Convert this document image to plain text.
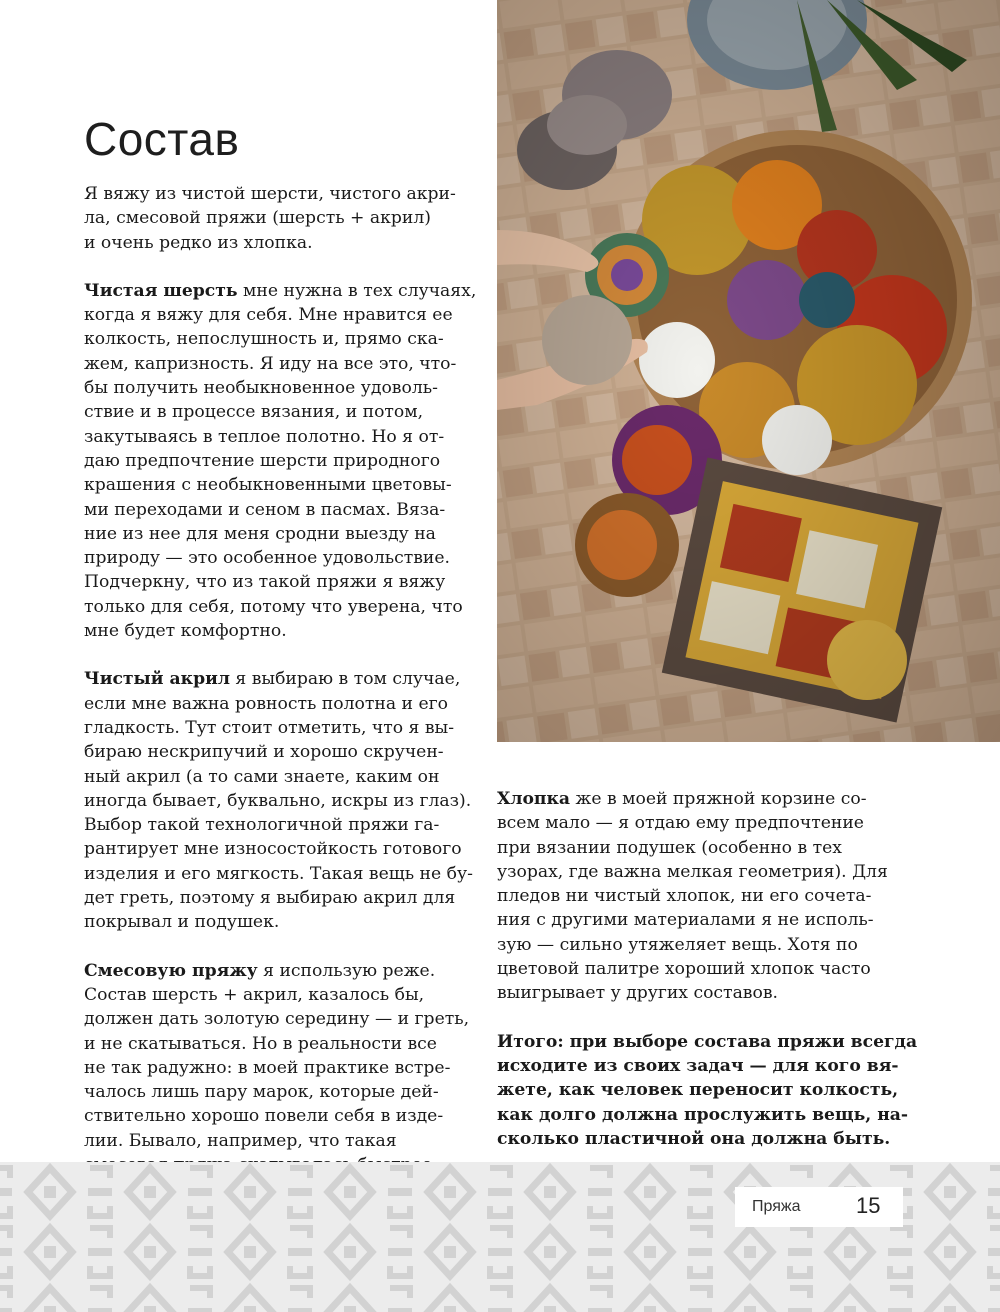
Состав

Я вяжу из чистой шерсти, чистого акри-
ла, смесовой пряжи (шерсть + акрил)
и очень редко из хлопка.

Чистая шерсть мне нужна в тех случаях,
когда я вяжу для себя. Мне нравится ее
колкость, непослушность и, прямо ска-
жем, капризность. Я иду на все это, что-
бы получить необыкновенное удоволь-
ствие и в процессе вязания, и потом,
закутываясь в теплое полотно. Но я от-
даю предпочтение шерсти природного
крашения с необыкновенными цветовы-
ми переходами и сеном в пасмах. Вяза-
ние из нее для меня сродни выезду на
природу — это особенное удовольствие.
Подчеркну, что из такой пряжи я вяжу
только для себя, потому что уверена, что
мне будет комфортно.

Чистый акрил я выбираю в том случае,
если мне важна ровность полотна и его
гладкость. Тут стоит отметить, что я вы-
бираю нескрипучий и хорошо скручен-
ный акрил (а то сами знаете, каким он
иногда бывает, буквально, искры из глаз).
Выбор такой технологичной пряжи га-
рантирует мне износостойкость готового
изделия и его мягкость. Такая вещь не бу-
дет греть, поэтому я выбираю акрил для
покрывал и подушек.

Смесовую пряжу я использую реже.
Состав шерсть + акрил, казалось бы,
должен дать золотую середину — и греть,
и не скатываться. Но в реальности все
не так радужно: в моей практике встре-
чалось лишь пару марок, которые дей-
ствительно хорошо повели себя в изде-
лии. Бывало, например, что такая

Хлопка же в моей пряжной корзине со-
всем мало — я отдаю ему предпочтение
при вязании подушек (особенно в тех
узорах, где важна мелкая геометрия). Для
пледов ни чистый хлопок, ни его сочета-
ния с другими материалами я не исполь-
зую — сильно утяжеляет вещь. Хотя по
цветовой палитре хороший хлопок часто
выигрывает у других составов.

Итого: при выборе состава пряжи всегда
исходите из своих задач — для кого вя-
жете, как человек переносит колкость,
как долго должна прослужить вещь, на-
сколько пластичной она должна быть.

Пряжа	15
